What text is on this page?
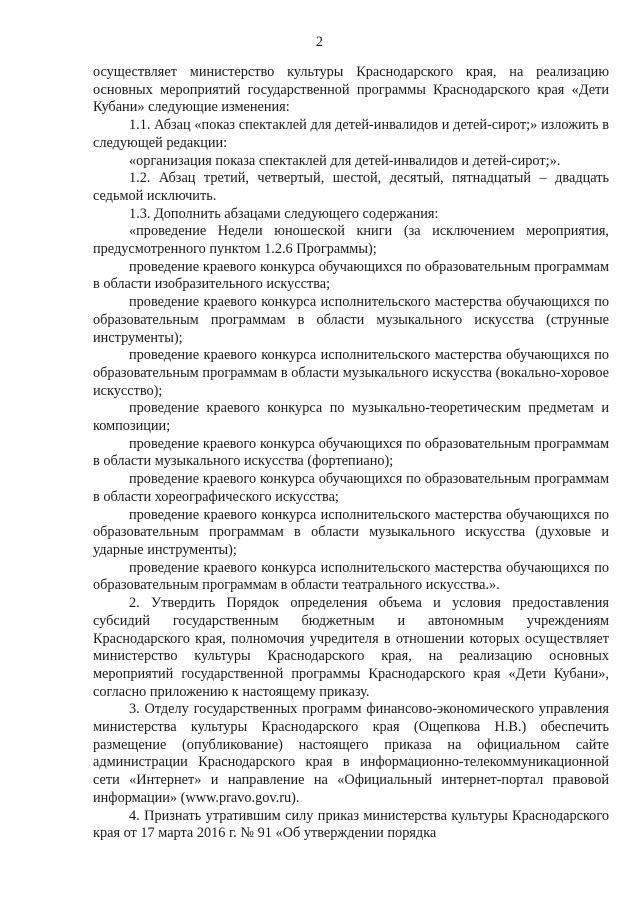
2

осуществляет министерство культуры Краснодарского края, на реализацию основных мероприятий государственной программы Краснодарского края «Дети Кубани» следующие изменения:

1.1. Абзац «показ спектаклей для детей-инвалидов и детей-сирот;» изложить в следующей редакции:

«организация показа спектаклей для детей-инвалидов и детей-сирот;».

1.2. Абзац третий, четвертый, шестой, десятый, пятнадцатый – двадцать седьмой исключить.

1.3. Дополнить абзацами следующего содержания:

«проведение Недели юношеской книги (за исключением мероприятия, предусмотренного пунктом 1.2.6 Программы);

проведение краевого конкурса обучающихся по образовательным программам в области изобразительного искусства;

проведение краевого конкурса исполнительского мастерства обучающихся по образовательным программам в области музыкального искусства (струнные инструменты);

проведение краевого конкурса исполнительского мастерства обучающихся по образовательным программам в области музыкального искусства (вокально-хоровое искусство);

проведение краевого конкурса по музыкально-теоретическим предметам и композиции;

проведение краевого конкурса обучающихся по образовательным программам в области музыкального искусства (фортепиано);

проведение краевого конкурса обучающихся по образовательным программам в области хореографического искусства;

проведение краевого конкурса исполнительского мастерства обучающихся по образовательным программам в области музыкального искусства (духовые и ударные инструменты);

проведение краевого конкурса исполнительского мастерства обучающихся по образовательным программам в области театрального искусства.».

2. Утвердить Порядок определения объема и условия предоставления субсидий государственным бюджетным и автономным учреждениям Краснодарского края, полномочия учредителя в отношении которых осуществляет министерство культуры Краснодарского края, на реализацию основных мероприятий государственной программы Краснодарского края «Дети Кубани», согласно приложению к настоящему приказу.

3. Отделу государственных программ финансово-экономического управления министерства культуры Краснодарского края (Ощепкова Н.В.) обеспечить размещение (опубликование) настоящего приказа на официальном сайте администрации Краснодарского края в информационно-телекоммуникационной сети «Интернет» и направление на «Официальный интернет-портал правовой информации» (www.pravo.gov.ru).

4. Признать утратившим силу приказ министерства культуры Краснодарского края от 17 марта 2016 г. № 91 «Об утверждении порядка
